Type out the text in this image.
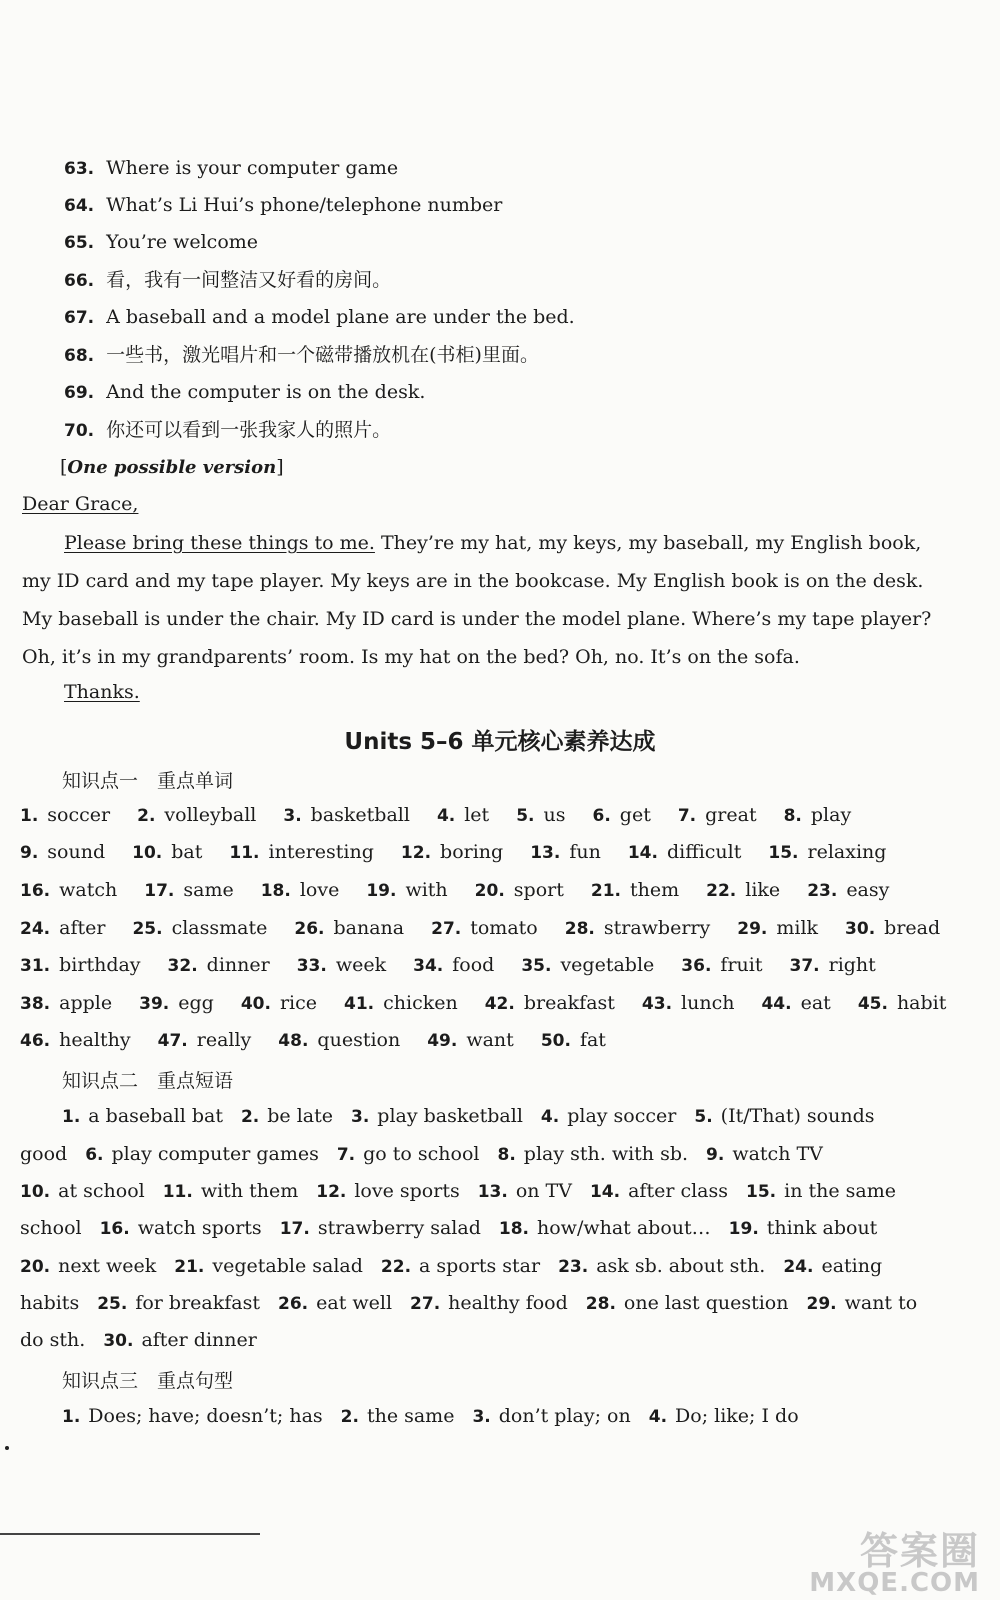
63. Where is your computer game
64. What’s Li Hui’s phone/telephone number
65. You’re welcome
66. 看，我有一间整洁又好看的房间。
67. A baseball and a model plane are under the bed.
68. 一些书，激光唱片和一个磁带播放机在(书柜)里面。
69. And the computer is on the desk.
70. 你还可以看到一张我家人的照片。
[One possible version]
Dear Grace,
Please bring these things to me. They’re my hat, my keys, my baseball, my English book,
my ID card and my tape player. My keys are in the bookcase. My English book is on the desk.
My baseball is under the chair. My ID card is under the model plane. Where’s my tape player?
Oh, it’s in my grandparents’ room. Is my hat on the bed? Oh, no. It’s on the sofa.
Thanks.
Units 5–6 单元核心素养达成
知识点一　重点单词
1. soccer 2. volleyball 3. basketball 4. let 5. us 6. get 7. great 8. play
9. sound 10. bat 11. interesting 12. boring 13. fun 14. difficult 15. relaxing
16. watch 17. same 18. love 19. with 20. sport 21. them 22. like 23. easy
24. after 25. classmate 26. banana 27. tomato 28. strawberry 29. milk 30. bread
31. birthday 32. dinner 33. week 34. food 35. vegetable 36. fruit 37. right
38. apple 39. egg 40. rice 41. chicken 42. breakfast 43. lunch 44. eat 45. habit
46. healthy 47. really 48. question 49. want 50. fat
知识点二　重点短语
1. a baseball bat 2. be late 3. play basketball 4. play soccer 5. (It/That) sounds
good 6. play computer games 7. go to school 8. play sth. with sb. 9. watch TV
10. at school 11. with them 12. love sports 13. on TV 14. after class 15. in the same
school 16. watch sports 17. strawberry salad 18. how/what about… 19. think about
20. next week 21. vegetable salad 22. a sports star 23. ask sb. about sth. 24. eating
habits 25. for breakfast 26. eat well 27. healthy food 28. one last question 29. want to
do sth. 30. after dinner
知识点三　重点句型
1. Does; have; doesn’t; has 2. the same 3. don’t play; on 4. Do; like; I do
答案圈
MXQE.COM
